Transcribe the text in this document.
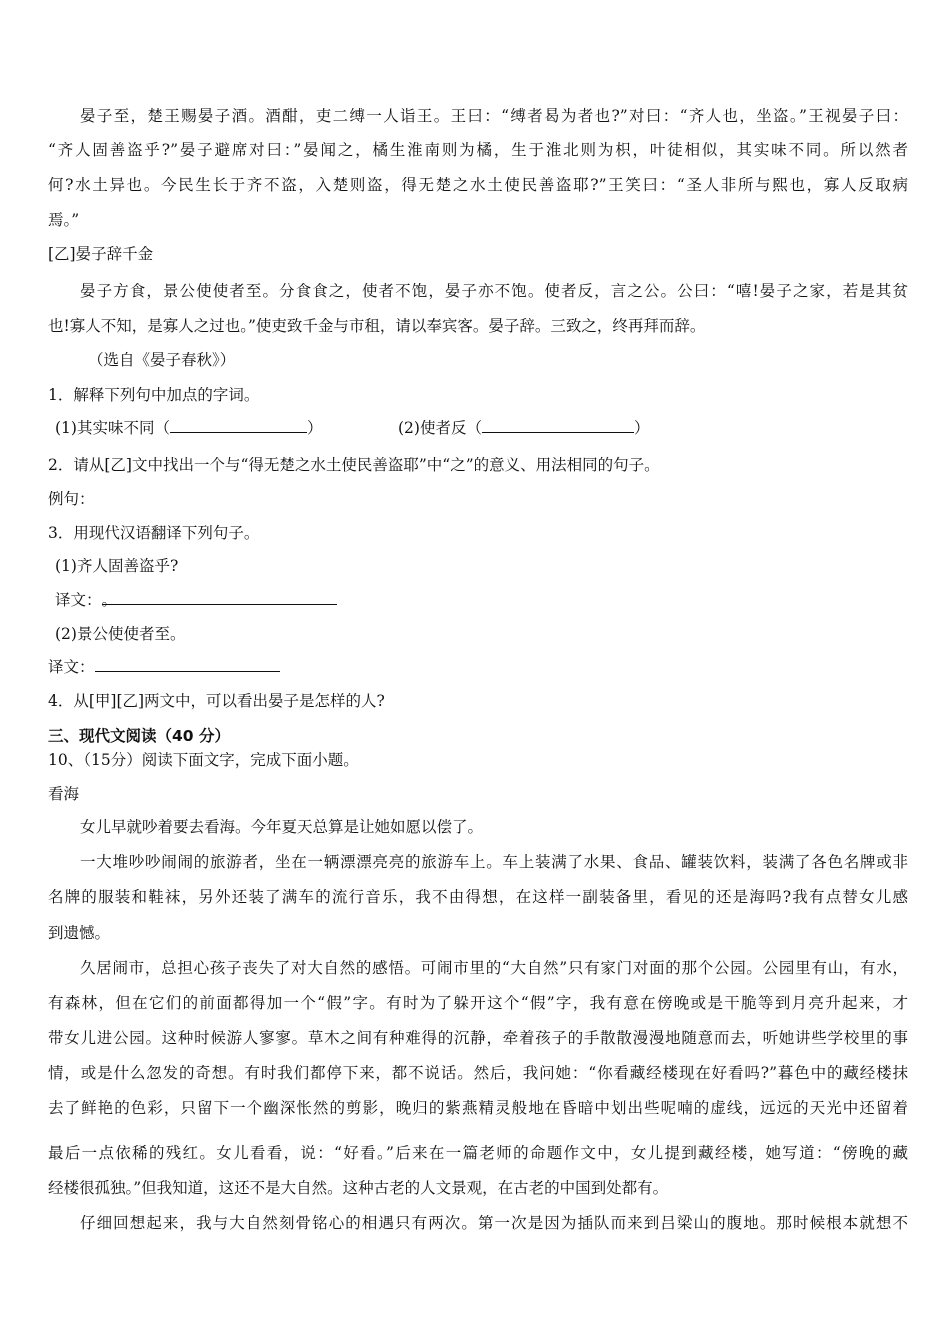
晏子至，楚王赐晏子酒。酒酣，吏二缚一人诣王。王曰：“缚者曷为者也?”对曰：“齐人也，坐盗。”王视晏子曰：
“齐人固善盗乎?”晏子避席对曰：”晏闻之，橘生淮南则为橘，生于淮北则为枳，叶徒相似，其实味不同。所以然者
何?水土异也。今民生长于齐不盗，入楚则盗，得无楚之水土使民善盗耶?”王笑曰：“圣人非所与熙也，寡人反取病
焉。”
[乙]晏子辞千金
晏子方食，景公使使者至。分食食之，使者不饱，晏子亦不饱。使者反，言之公。公曰：“嘻!晏子之家，若是其贫
也!寡人不知，是寡人之过也。”使吏致千金与市租，请以奉宾客。晏子辞。三致之，终再拜而辞。
（选自《晏子春秋》）
1．解释下列句中加点的字词。
(1)其实味不同（	）	(2)使者反（	）
2．请从[乙]文中找出一个与“得无楚之水土使民善盗耶”中“之”的意义、用法相同的句子。
例句：
3．用现代汉语翻译下列句子。
(1)齐人固善盗乎?
译文：。
(2)景公使使者至。
译文：
4．从[甲][乙]两文中，可以看出晏子是怎样的人?
三、现代文阅读（40 分）
10、（15分）阅读下面文字，完成下面小题。
看海
女儿早就吵着要去看海。今年夏天总算是让她如愿以偿了。
一大堆吵吵闹闹的旅游者，坐在一辆漂漂亮亮的旅游车上。车上装满了水果、食品、罐装饮料，装满了各色名牌或非
名牌的服装和鞋袜，另外还装了满车的流行音乐，我不由得想，在这样一副装备里，看见的还是海吗?我有点替女儿感
到遗憾。
久居闹市，总担心孩子丧失了对大自然的感悟。可闹市里的“大自然”只有家门对面的那个公园。公园里有山，有水，
有森林，但在它们的前面都得加一个“假”字。有时为了躲开这个“假”字，我有意在傍晚或是干脆等到月亮升起来，才
带女儿进公园。这种时候游人寥寥。草木之间有种难得的沉静，牵着孩子的手散散漫漫地随意而去，听她讲些学校里的事
情，或是什么忽发的奇想。有时我们都停下来，都不说话。然后，我问她：“你看藏经楼现在好看吗?”暮色中的藏经楼抹
去了鲜艳的色彩，只留下一个幽深怅然的剪影，晚归的紫燕精灵般地在昏暗中划出些呢喃的虚线，远远的天光中还留着
最后一点依稀的残红。女儿看看，说：“好看。”后来在一篇老师的命题作文中，女儿提到藏经楼，她写道：“傍晚的藏
经楼很孤独。”但我知道，这还不是大自然。这种古老的人文景观，在古老的中国到处都有。
仔细回想起来，我与大自然刻骨铭心的相遇只有两次。第一次是因为插队而来到吕梁山的腹地。那时候根本就想不
